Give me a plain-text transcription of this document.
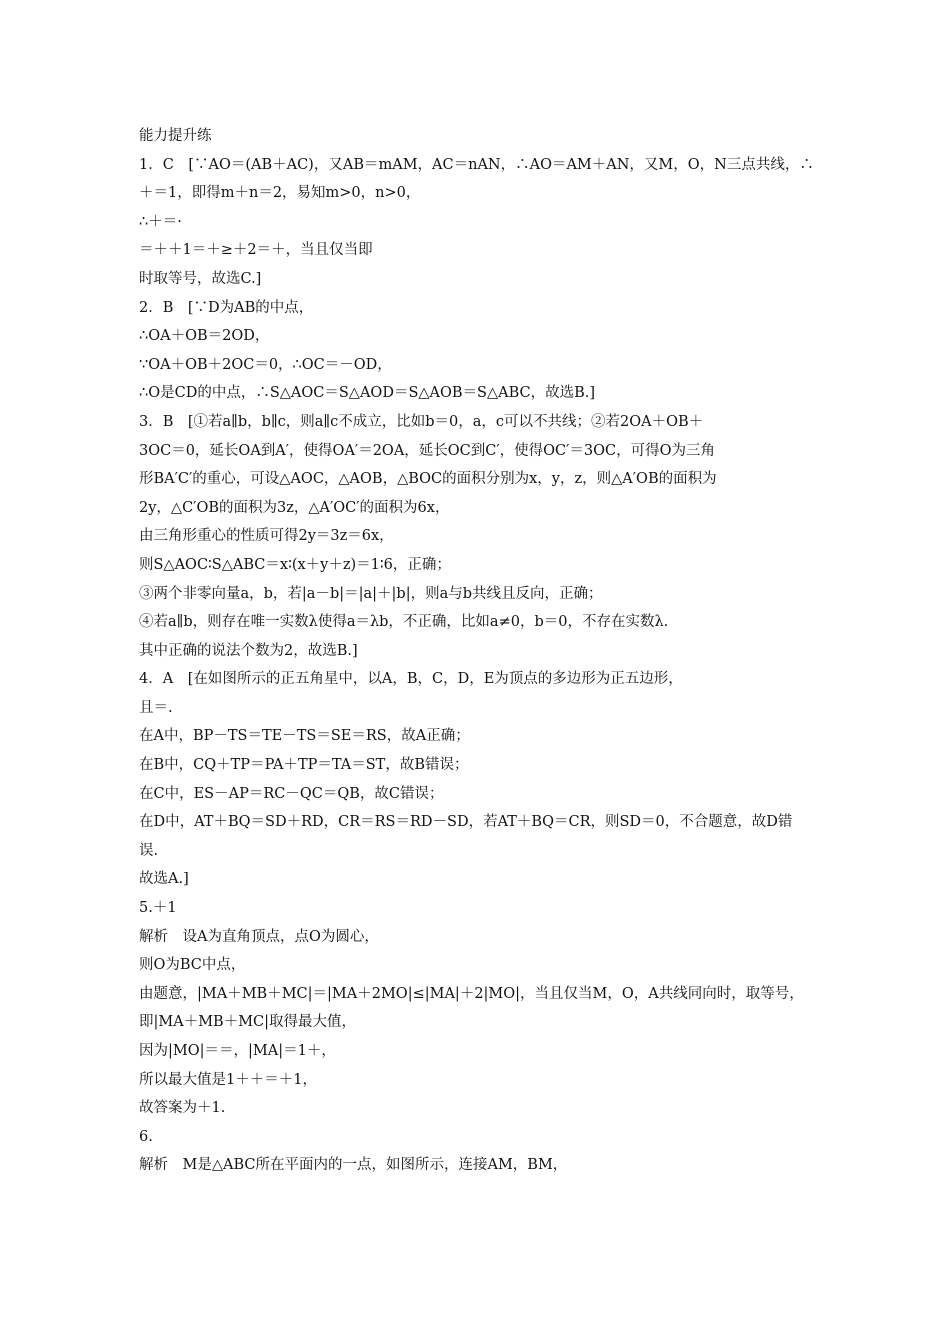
能力提升练
1．C　[∵AO＝(AB＋AC)，又AB＝mAM，AC＝nAN，∴AO＝AM＋AN，又M，O，N三点共线，∴
＋＝1，即得m＋n＝2，易知m>0，n>0，
∴＋＝·
＝＋＋1＝＋≥＋2＝＋，当且仅当即
时取等号，故选C.]
2．B　[∵D为AB的中点，
∴OA＋OB＝2OD，
∵OA＋OB＋2OC＝0，∴OC＝－OD，
∴O是CD的中点，∴S△AOC＝S△AOD＝S△AOB＝S△ABC，故选B.]
3．B　[①若a∥b，b∥c，则a∥c不成立，比如b＝0，a，c可以不共线；②若2OA＋OB＋
3OC＝0，延长OA到A′，使得OA′＝2OA，延长OC到C′，使得OC′＝3OC，可得O为三角
形BA′C′的重心，可设△AOC，△AOB，△BOC的面积分别为x，y，z，则△A′OB的面积为
2y，△C′OB的面积为3z，△A′OC′的面积为6x，
由三角形重心的性质可得2y＝3z＝6x，
则S△AOC∶S△ABC＝x∶(x＋y＋z)＝1∶6，正确；
③两个非零向量a，b，若|a－b|＝|a|＋|b|，则a与b共线且反向，正确；
④若a∥b，则存在唯一实数λ使得a＝λb，不正确，比如a≠0，b＝0，不存在实数λ.
其中正确的说法个数为2，故选B.]
4．A　[在如图所示的正五角星中，以A，B，C，D，E为顶点的多边形为正五边形，
且＝.
在A中，BP－TS＝TE－TS＝SE＝RS，故A正确；
在B中，CQ＋TP＝PA＋TP＝TA＝ST，故B错误；
在C中，ES－AP＝RC－QC＝QB，故C错误；
在D中，AT＋BQ＝SD＋RD，CR＝RS＝RD－SD，若AT＋BQ＝CR，则SD＝0，不合题意，故D错
误.
故选A.]
5.＋1
解析　设A为直角顶点，点O为圆心，
则O为BC中点，
由题意，|MA＋MB＋MC|＝|MA＋2MO|≤|MA|＋2|MO|，当且仅当M，O，A共线同向时，取等号，
即|MA＋MB＋MC|取得最大值，
因为|MO|＝＝，|MA|＝1＋，
所以最大值是1＋＋＝＋1，
故答案为＋1.
6.
解析　M是△ABC所在平面内的一点，如图所示，连接AM，BM，
